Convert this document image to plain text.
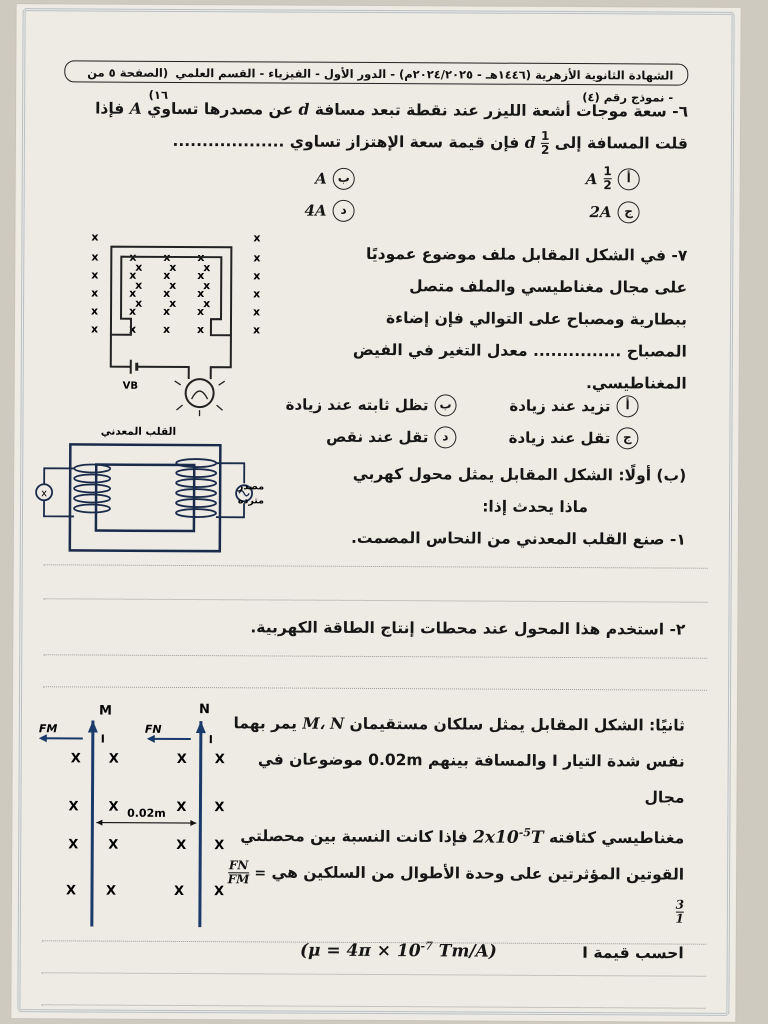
الشهادة الثانوية الأزهرية (١٤٤٦هـ - ٢٠٢٤/٢٠٢٥م) - الدور الأول - الفيزياء - القسم العلمي - نموذج رقم (٤)
(الصفحة ٥ من ١٦)
٦- سعة موجات أشعة الليزر عند نقطة تبعد مسافة d عن مصدرها تساوي A فإذا
قلت المسافة إلى
$\frac{1}{2}$
d فإن قيمة سعة الإهتزاز تساوي ...................
أ
$\frac{1}{2}$
A
ب
A
ج
2A
د
4A
x
x
x
x
x
x
x
x
x
x
x
x
x
x
x
x
x
x
x
x
x
x
x
x
x
x
x
x
x
x
x
x
x
x
x
x
VB
٧- في الشكل المقابل ملف موضوع عموديًا
على مجال مغناطيسي والملف متصل
ببطارية ومصباح على التوالي فإن إضاءة
المصباح ............... معدل التغير في الفيض
المغناطيسي.
أ
تزيد عند زيادة
ب
تظل ثابته عند زيادة
ج
تقل عند زيادة
د
تقل عند نقص
القلب المعدني
x
مصدر
مترده
(ب) أولًا: الشكل المقابل يمثل محول كهربي
ماذا يحدث إذا:
١- صنع القلب المعدني من النحاس المصمت.
٢- استخدم هذا المحول عند محطات إنتاج الطاقة الكهربية.
M	N
I	I
FM	FN
X X	X X
X X	X X
X X	X X
X X	X X
0.02m
ثانيًا: الشكل المقابل يمثل سلكان مستقيمان M، N يمر بهما
نفس شدة التيار I والمسافة بينهم 0.02m موضوعان في مجال
مغناطيسي كثافته $2x10^{-5}T$ فإذا كانت النسبة بين محصلتي
القوتين المؤثرتين على وحدة الأطوال من السلكين هي
$\frac{FN}{FM}$ =
$\frac{3}{1}$
احسب قيمة I ($\mu = 4\pi \times 10^{-7}$ Tm/A)
